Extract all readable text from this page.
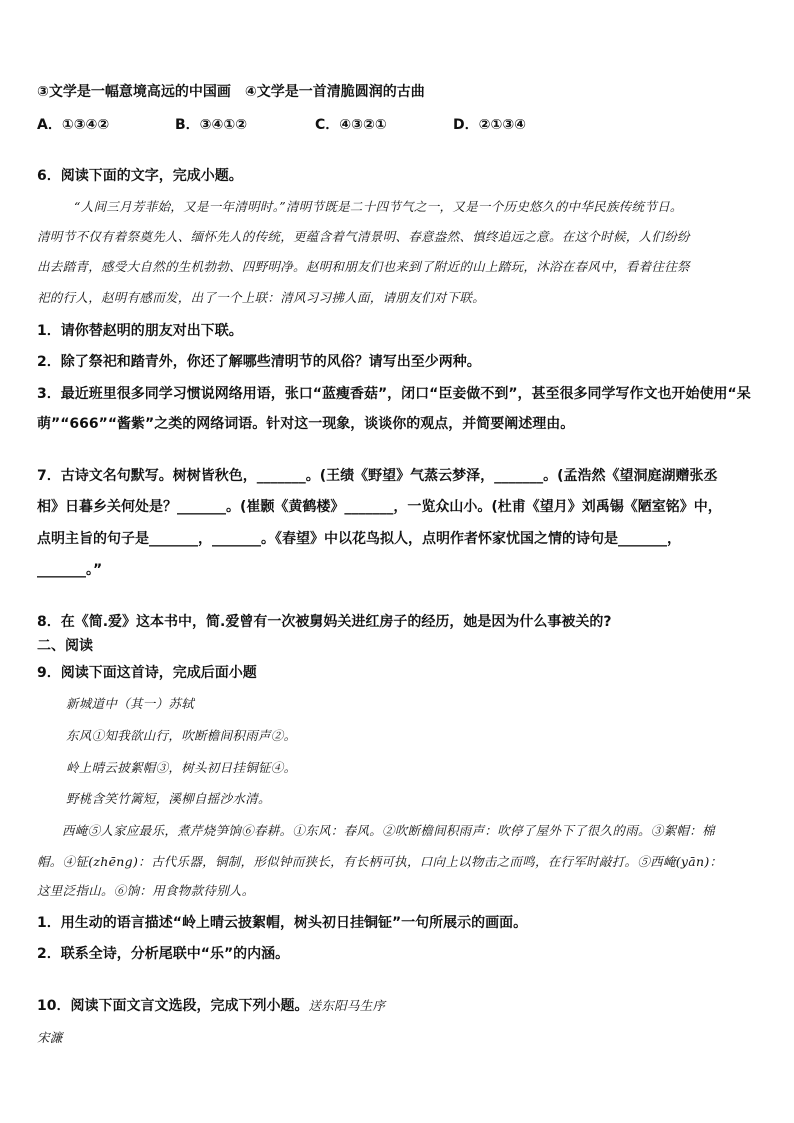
③文学是一幅意境高远的中国画　④文学是一首清脆圆润的古曲
A．①③④②	B．③④①②	C．④③②①	D．②①③④
6．阅读下面的文字，完成小题。
“人间三月芳菲始，又是一年清明时。”清明节既是二十四节气之一，又是一个历史悠久的中华民族传统节日。
清明节不仅有着祭奠先人、缅怀先人的传统，更蕴含着气清景明、春意盎然、慎终追远之意。在这个时候，人们纷纷
出去踏青，感受大自然的生机勃勃、四野明净。赵明和朋友们也来到了附近的山上踏玩，沐浴在春风中，看着往往祭
祀的行人，赵明有感而发，出了一个上联：清风习习拂人面，请朋友们对下联。
1．请你替赵明的朋友对出下联。
2．除了祭祀和踏青外，你还了解哪些清明节的风俗？请写出至少两种。
3．最近班里很多同学习惯说网络用语，张口“蓝瘦香菇”，闭口“臣妾做不到”，甚至很多同学写作文也开始使用“呆
萌”“666”“酱紫”之类的网络词语。针对这一现象，谈谈你的观点，并简要阐述理由。
7．古诗文名句默写。树树皆秋色，_______。(王绩《野望》气蒸云梦泽，_______。(孟浩然《望洞庭湖赠张丞
相》日暮乡关何处是？_______。(崔颢《黄鹤楼》_______，一览众山小。(杜甫《望月》刘禹锡《陋室铭》中，
点明主旨的句子是_______，_______。《春望》中以花鸟拟人，点明作者怀家忧国之情的诗句是_______，
_______。”
8．在《简.爱》这本书中，简.爱曾有一次被舅妈关进红房子的经历，她是因为什么事被关的?
二、阅读
9．阅读下面这首诗，完成后面小题
新城道中（其一）苏轼
东风①知我欲山行，吹断檐间积雨声②。
岭上晴云披絮帽③，树头初日挂铜钲④。
野桃含笑竹篱短，溪柳自摇沙水清。
西崦⑤人家应最乐，煮芹烧笋饷⑥春耕。①东风：春风。②吹断檐间积雨声：吹停了屋外下了很久的雨。③絮帽：棉
帽。④钲(zhēng)：古代乐器，铜制，形似钟而狭长，有长柄可执，口向上以物击之而鸣，在行军时敲打。⑤西崦(yān)：
这里泛指山。⑥饷：用食物款待别人。
1．用生动的语言描述“岭上晴云披絮帽，树头初日挂铜钲”一句所展示的画面。
2．联系全诗，分析尾联中“乐”的内涵。
10．阅读下面文言文选段，完成下列小题。送东阳马生序
宋濂
